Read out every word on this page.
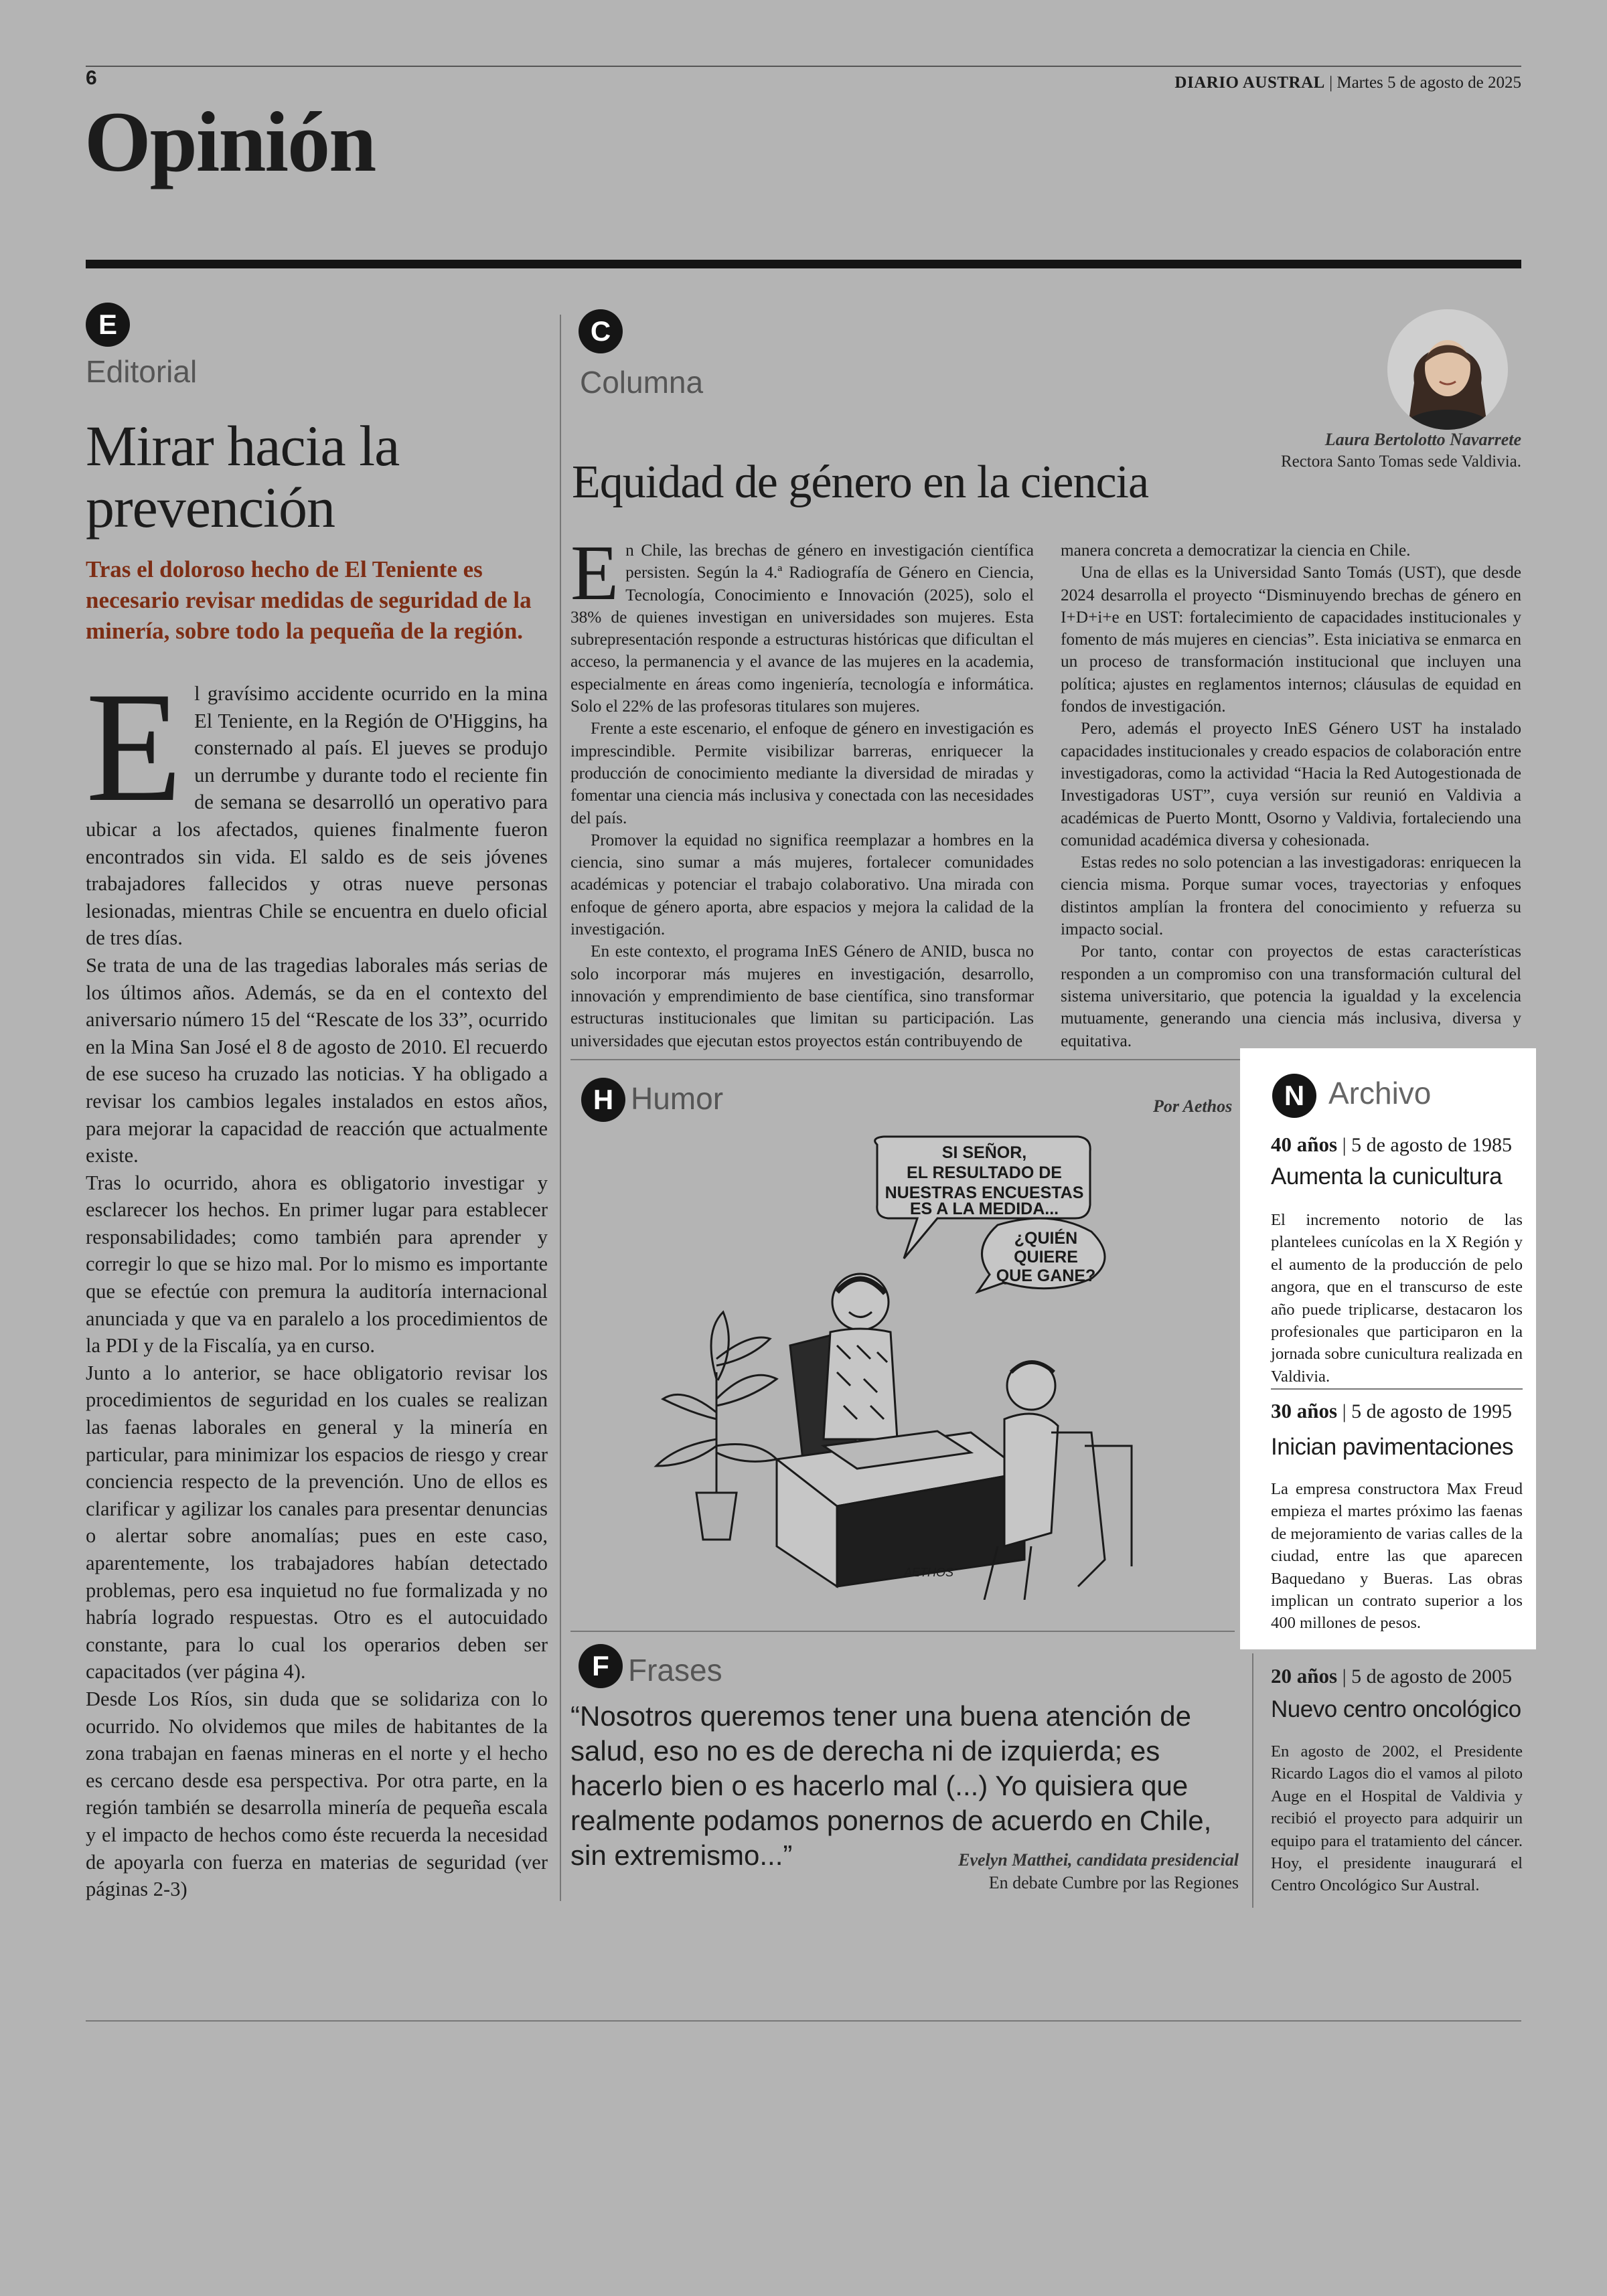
6	DIARIO AUSTRAL | Martes 5 de agosto de 2025
Opinión
E
Editorial
Mirar hacia la
prevención
Tras el doloroso hecho de El Teniente es necesario revisar medidas de seguridad de la minería, sobre todo la pequeña de la región.

El gravísimo accidente ocurrido en la mina El Teniente, en la Región de O'Higgins, ha consternado al país. El jueves se produjo un derrumbe y durante todo el reciente fin de semana se desarrolló un operativo para ubicar a los afectados, quienes finalmente fueron encontrados sin vida. El saldo es de seis jóvenes trabajadores fallecidos y otras nueve personas lesionadas, mientras Chile se encuentra en duelo oficial de tres días.

Se trata de una de las tragedias laborales más serias de los últimos años. Además, se da en el contexto del aniversario número 15 del “Rescate de los 33”, ocurrido en la Mina San José el 8 de agosto de 2010. El recuerdo de ese suceso ha cruzado las noticias. Y ha obligado a revisar los cambios legales instalados en estos años, para mejorar la capacidad de reacción que actualmente existe.

Tras lo ocurrido, ahora es obligatorio investigar y esclarecer los hechos. En primer lugar para establecer responsabilidades; como también para aprender y corregir lo que se hizo mal. Por lo mismo es importante que se efectúe con premura la auditoría internacional anunciada y que va en paralelo a los procedimientos de la PDI y de la Fiscalía, ya en curso.

Junto a lo anterior, se hace obligatorio revisar los procedimientos de seguridad en los cuales se realizan las faenas laborales en general y la minería en particular, para minimizar los espacios de riesgo y crear conciencia respecto de la prevención. Uno de ellos es clarificar y agilizar los canales para presentar denuncias o alertar sobre anomalías; pues en este caso, aparentemente, los trabajadores habían detectado problemas, pero esa inquietud no fue formalizada y no habría logrado respuestas. Otro es el autocuidado constante, para lo cual los operarios deben ser capacitados (ver página 4).

Desde Los Ríos, sin duda que se solidariza con lo ocurrido. No olvidemos que miles de habitantes de la zona trabajan en faenas mineras en el norte y el hecho es cercano desde esa perspectiva. Por otra parte, en la región también se desarrolla minería de pequeña escala y el impacto de hechos como éste recuerda la necesidad de apoyarla con fuerza en materias de seguridad (ver páginas 2-3)

C
Columna
Equidad de género en la ciencia
Laura Bertolotto Navarrete
Rectora Santo Tomas sede Valdivia.

En Chile, las brechas de género en investigación científica persisten. Según la 4.ª Radiografía de Género en Ciencia, Tecnología, Conocimiento e Innovación (2025), solo el 38% de quienes investigan en universidades son mujeres. Esta subrepresentación responde a estructuras históricas que dificultan el acceso, la permanencia y el avance de las mujeres en la academia, especialmente en áreas como ingeniería, tecnología e informática. Solo el 22% de las profesoras titulares son mujeres.

Frente a este escenario, el enfoque de género en investigación es imprescindible. Permite visibilizar barreras, enriquecer la producción de conocimiento mediante la diversidad de miradas y fomentar una ciencia más inclusiva y conectada con las necesidades del país.

Promover la equidad no significa reemplazar a hombres en la ciencia, sino sumar a más mujeres, fortalecer comunidades académicas y potenciar el trabajo colaborativo. Una mirada con enfoque de género aporta, abre espacios y mejora la calidad de la investigación.

En este contexto, el programa InES Género de ANID, busca no solo incorporar más mujeres en investigación, desarrollo, innovación y emprendimiento de base científica, sino transformar estructuras institucionales que limitan su participación. Las universidades que ejecutan estos proyectos están contribuyendo de

manera concreta a democratizar la ciencia en Chile.

Una de ellas es la Universidad Santo Tomás (UST), que desde 2024 desarrolla el proyecto “Disminuyendo brechas de género en I+D+i+e en UST: fortalecimiento de capacidades institucionales y fomento de más mujeres en ciencias”. Esta iniciativa se enmarca en un proceso de transformación institucional que incluyen una política; ajustes en reglamentos internos; cláusulas de equidad en fondos de investigación.

Pero, además el proyecto InES Género UST ha instalado capacidades institucionales y creado espacios de colaboración entre investigadoras, como la actividad “Hacia la Red Autogestionada de Investigadoras UST”, cuya versión sur reunió en Valdivia a académicas de Puerto Montt, Osorno y Valdivia, fortaleciendo una comunidad académica diversa y cohesionada.

Estas redes no solo potencian a las investigadoras: enriquecen la ciencia misma. Porque sumar voces, trayectorias y enfoques distintos amplían la frontera del conocimiento y refuerza su impacto social.

Por tanto, contar con proyectos de estas características responden a un compromiso con una transformación cultural del sistema universitario, que potencia la igualdad y la excelencia mutuamente, generando una ciencia más inclusiva, diversa y equitativa.

H Humor	Por Aethos
SI SEÑOR,
EL RESULTADO DE
NUESTRAS ENCUESTAS
ES A LA MEDIDA...
¿QUIÉN
QUIERE
QUE GANE?
AETHOS
F Frases
“Nosotros queremos tener una buena atención de salud, eso no es de derecha ni de izquierda; es hacerlo bien o es hacerlo mal (...) Yo quisiera que realmente podamos ponernos de acuerdo en Chile, sin extremismo...”	Evelyn Matthei, candidata presidencial
En debate Cumbre por las Regiones
N Archivo
40 años | 5 de agosto de 1985
Aumenta la cunicultura
El incremento notorio de las plantelees cunícolas en la X Región y el aumento de la producción de pelo angora, que en el transcurso de este año puede triplicarse, destacaron los profesionales que participaron en la jornada sobre cunicultura realizada en Valdivia.
30 años | 5 de agosto de 1995
Inician pavimentaciones
La empresa constructora Max Freud empieza el martes próximo las faenas de mejoramiento de varias calles de la ciudad, entre las que aparecen Baquedano y Bueras. Las obras implican un contrato superior a los 400 millones de pesos.
20 años | 5 de agosto de 2005
Nuevo centro oncológico
En agosto de 2002, el Presidente Ricardo Lagos dio el vamos al piloto Auge en el Hospital de Valdivia y recibió el proyecto para adquirir un equipo para el tratamiento del cáncer. Hoy, el presidente inaugurará el Centro Oncológico Sur Austral.
